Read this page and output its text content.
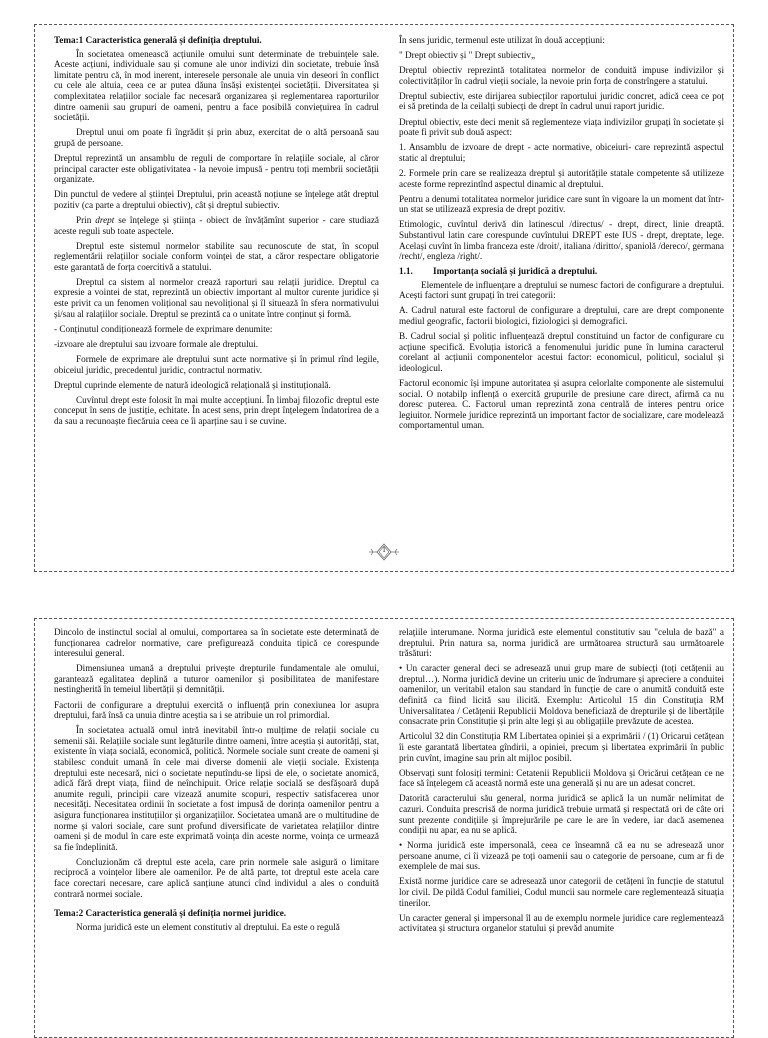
Tema:1 Caracteristica generală și definiția dreptului.

În societatea omenească acțiunile omului sunt determinate de trebuințele sale. Aceste acțiuni, individuale sau și comune ale unor indivizi din societate, trebuie însă limitate pentru că, în mod inerent, interesele personale ale unuia vin deseori în conflict cu cele ale altuia, ceea ce ar putea dăuna însăși existenței societății. Diversitatea și complexitatea relațiilor sociale fac necesară organizarea și reglementarea raporturilor dintre oamenii sau grupuri de oameni, pentru a face posibilă conviețuirea în cadrul societății.

Dreptul unui om poate fi îngrădit și prin abuz, exercitat de o altă persoană sau grupă de persoane.

Dreptul reprezintă un ansamblu de reguli de comportare în relațiile sociale, al căror principal caracter este obligativitatea - la nevoie impusă - pentru toți membrii societății organizate.

Din punctul de vedere al științei Dreptului, prin această noțiune se înțelege atât dreptul pozitiv (ca parte a dreptului obiectiv), cât și dreptul subiectiv.

Prin drept se înțelege și știința - obiect de învățămînt superior - care studiază aceste reguli sub toate aspectele.

Dreptul este sistemul normelor stabilite sau recunoscute de stat, în scopul reglementării relațiilor sociale conform voinței de stat, a căror respectare obligatorie este garantată de forța coercitivă a statului.

Dreptul ca sistem al normelor crează raporturi sau relații juridice. Dreptul ca expresie a vointei de stat, reprezintă un obiectiv important al multor curente juridice și este privit ca un fenomen volițional sau nevolițional și îl situează în sfera normativului și/sau al ralațiilor sociale. Dreptul se prezintă ca o unitate între conținut și formă.

- Conținutul condiționează formele de exprimare denumite:

-izvoare ale dreptului sau izvoare formale ale dreptului.

Formele de exprimare ale dreptului sunt acte normative și în primul rînd legile, obiceiul juridic, precedentul juridic, contractul normativ.

Dreptul cuprinde elemente de natură ideologică relațională și instituțională.

Cuvîntul drept este folosit în mai multe accepțiuni. În limbaj filozofic dreptul este conceput în sens de justiție, echitate. În acest sens, prin drept înțelegem îndatorirea de a da sau a recunoaște fiecăruia ceea ce îi aparține sau i se cuvine.

În sens juridic, termenul este utilizat în două accepțiuni:

" Drept obiectiv și " Drept subiectiv„

Dreptul obiectiv reprezintă totalitatea normelor de conduită impuse indivizilor și colectivităților în cadrul vieții sociale, la nevoie prin forța de constrîngere a statului.

Dreptul subiectiv, este dirijarea subiecților raportului juridic concret, adică ceea ce poț ei să pretinda de la ceilalți subiecți de drept în cadrul unui raport juridic.

Dreptul obiectiv, este deci menit să reglementeze viața indivizilor grupați în societate și poate fi privit sub două aspect:

1. Ansamblu de izvoare de drept - acte normative, obiceiuri- care reprezintă aspectul static al dreptului;

2. Formele prin care se realizeaza dreptul și autoritățile statale competente să utilizeze aceste forme reprezintînd aspectul dinamic al dreptului.

Pentru a denumi totalitatea normelor juridice care sunt în vigoare la un moment dat într-un stat se utilizează expresia de drept pozitiv.

Etimologic, cuvîntul derivă din latinescul /directus/ - drept, direct, linie dreaptă. Substantivul latin care corespunde cuvîntului DREPT este IUS - drept, dreptate, lege. Același cuvînt în limba franceza este /droit/, italiana /diritto/, spaniolă /dereco/, germana /recht/, engleza /right/.

1.1. Importanța socială și juridică a dreptului.

Elementele de influențare a dreptului se numesc factori de configurare a dreptului. Acești factori sunt grupați în trei categorii:

A. Cadrul natural este factorul de configurare a dreptului, care are drept componente mediul geografic, factorii biologici, fiziologici și demografici.

B. Cadrul social și politic influențează dreptul constituind un factor de configurare cu acțiune specifică. Evoluția istorică a fenomenului juridic pune în lumina caracterul corelant al acțiunii componentelor acestui factor: economicul, politicul, socialul și ideologicul.

Factorul economic își impune autoritatea și asupra celorlalte componente ale sistemului social. O notabilp inflență o exercită grupurile de presiune care direct, afirmă ca nu doresc puterea. C. Factorul uman reprezintă zona centrală de interes pentru orice legiuitor. Normele juridice reprezintă un important factor de socializare, care modelează comportamentul uman.

1

Dincolo de instinctul social al omului, comportarea sa în societate este determinată de funcționarea cadrelor normative, care prefigurează conduita tipică ce corespunde interesului general.

Dimensiunea umană a dreptului privește drepturile fundamentale ale omului, garantează egalitatea deplină a tuturor oamenilor și posibilitatea de manifestare nestingherită în temeiul libertății și demnității.

Factorii de configurare a dreptului exercită o influență prin conexiunea lor asupra dreptului, fară însă ca unuia dintre aceștia sa i se atribuie un rol primordial.

În societatea actuală omul intră inevitabil într-o mulțime de relații sociale cu semenii săi. Relațiile sociale sunt legăturile dintre oameni, între aceștia și autorități, stat, existente în viața socială, economică, politică. Normele sociale sunt create de oameni și stabilesc conduit umană în cele mai diverse domenii ale vieții sociale. Existența dreptului este necesară, nici o societate neputîndu-se lipsi de ele, o societate anomică, adică fără drept viața, fiind de neînchipuit. Orice relație socială se desfășoară după anumite reguli, principii care vizează anumite scopuri, respectiv satisfacerea unor necesități. Necesitatea ordinii în societate a fost impusă de dorința oamenilor pentru a asigura funcționarea instituțiilor și organizațiilor. Societatea umană are o multitudine de norme și valori sociale, care sunt profund diversificate de varietatea relațiilor dintre oameni și de modul în care este exprimată voința din aceste norme, voința ce urmează sa fie îndeplinită.

Concluzionăm că dreptul este acela, care prin normele sale asigură o limitare reciprocă a voințelor libere ale oamenilor. Pe de altă parte, tot dreptul este acela care face corectari necesare, care aplică sanțiune atunci cînd individul a ales o conduită contrară normei sociale.

Tema:2 Caracteristica generală și definiția normei juridice.

Norma juridică este un element constitutiv al dreptului. Ea este o regulă

relațiile interumane. Norma juridică este elementul constitutiv sau "celula de bază" a dreptului. Prin natura sa, norma juridică are următoarea structură sau următoarele trăsături:

• Un caracter general deci se adresează unui grup mare de subiecți (toți cetățenii au dreptul…). Norma juridică devine un criteriu unic de îndrumare și apreciere a conduitei oamenilor, un veritabil etalon sau standard în funcție de care o anumită conduită este definită ca fiind licită sau ilicită. Exemplu: Articolul 15 din Constituția RM Universalitatea / Cetățenii Republicii Moldova beneficiază de drepturile și de libertățile consacrate prin Constituție și prin alte legi și au obligațiile prevăzute de acestea.

Articolul 32 din Constituția RM Libertatea opiniei și a exprimării / (1) Oricarui cetățean îi este garantată libertatea gîndirii, a opiniei, precum și libertatea exprimării în public prin cuvînt, imagine sau prin alt mijloc posibil.

Observați sunt folosiți termini: Cetatenii Republicii Moldova și Oricărui cetățean ce ne face să înțelegem că această normă este una generală și nu are un adesat concret.

Datorită caracterului său general, norma juridică se aplică la un număr nelimitat de cazuri. Conduita prescrisă de norma juridică trebuie urmată și respectată ori de câte ori sunt prezente condițiile și împrejurările pe care le are în vedere, iar dacă asemenea condiții nu apar, ea nu se aplică.

• Norma juridică este impersonală, ceea ce înseamnă că ea nu se adresează unor persoane anume, ci îi vizează pe toți oamenii sau o categorie de persoane, cum ar fi de exemplele de mai sus.

Există norme juridice care se adresează unor categorii de cetățeni în funcție de statutul lor civil. De pildă Codul familiei, Codul muncii sau normele care reglementează situația tinerilor.

Un caracter general și impersonal îl au de exemplu normele juridice care reglementează activitatea și structura organelor statului și prevăd anumite
